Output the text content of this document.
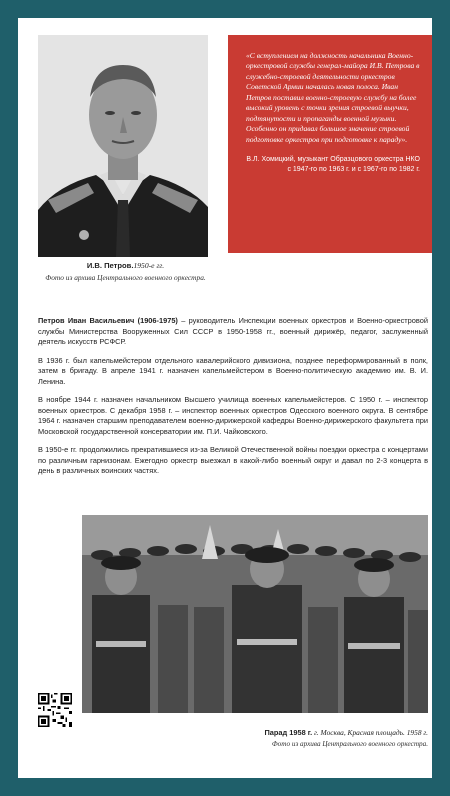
И.В. Петров.1950-е гг.
Фото из архива Центрального военного оркестра.

«С вступлением на должность начальника Военно-оркестровой службы генерал-майора И.В. Петрова в служебно-строевой деятельности оркестров Советской Армии началась новая полоса. Иван Петров поставил военно-строевую службу на более высокий уровень с точки зрения строевой выучки, подтянутости и пропаганды военной музыки. Особенно он придавал большое значение строевой подготовке оркестров при подготовке к параду».

В.Л. Хомицкий, музыкант Образцового оркестра НКО с 1947-го по 1963 г. и с 1967-го по 1982 г.

Петров Иван Васильевич (1906-1975) – руководитель Инспекции военных оркестров и Военно-оркестровой службы Министерства Вооруженных Сил СССР в 1950-1958 гг., военный дирижёр, педагог, заслуженный деятель искусств РСФСР.

В 1936 г. был капельмейстером отдельного кавалерийского дивизиона, позднее переформированный в полк, затем в бригаду. В апреле 1941 г. назначен капельмейстером в Военно-политическую академию им. В. И. Ленина.

В ноябре 1944 г. назначен начальником Высшего училища военных капельмейстеров. С 1950 г. – инспектор военных оркестров. С декабря 1958 г. – инспектор военных оркестров Одесского военного округа. В сентябре 1964 г. назначен старшим преподавателем военно-дирижерской кафедры Военно-дирижерского факультета при Московской государственной консерватории им. П.И. Чайковского.

В 1950-е гг. продолжились прекратившиеся из-за Великой Отечественной войны поездки оркестра с концертами по различным гарнизонам. Ежегодно оркестр выезжал в какой-либо военный округ и давал по 2-3 концерта в день в различных воинских частях.

Парад 1958 г. г. Москва, Красная площадь. 1958 г.
Фото из архива Центрального военного оркестра.
